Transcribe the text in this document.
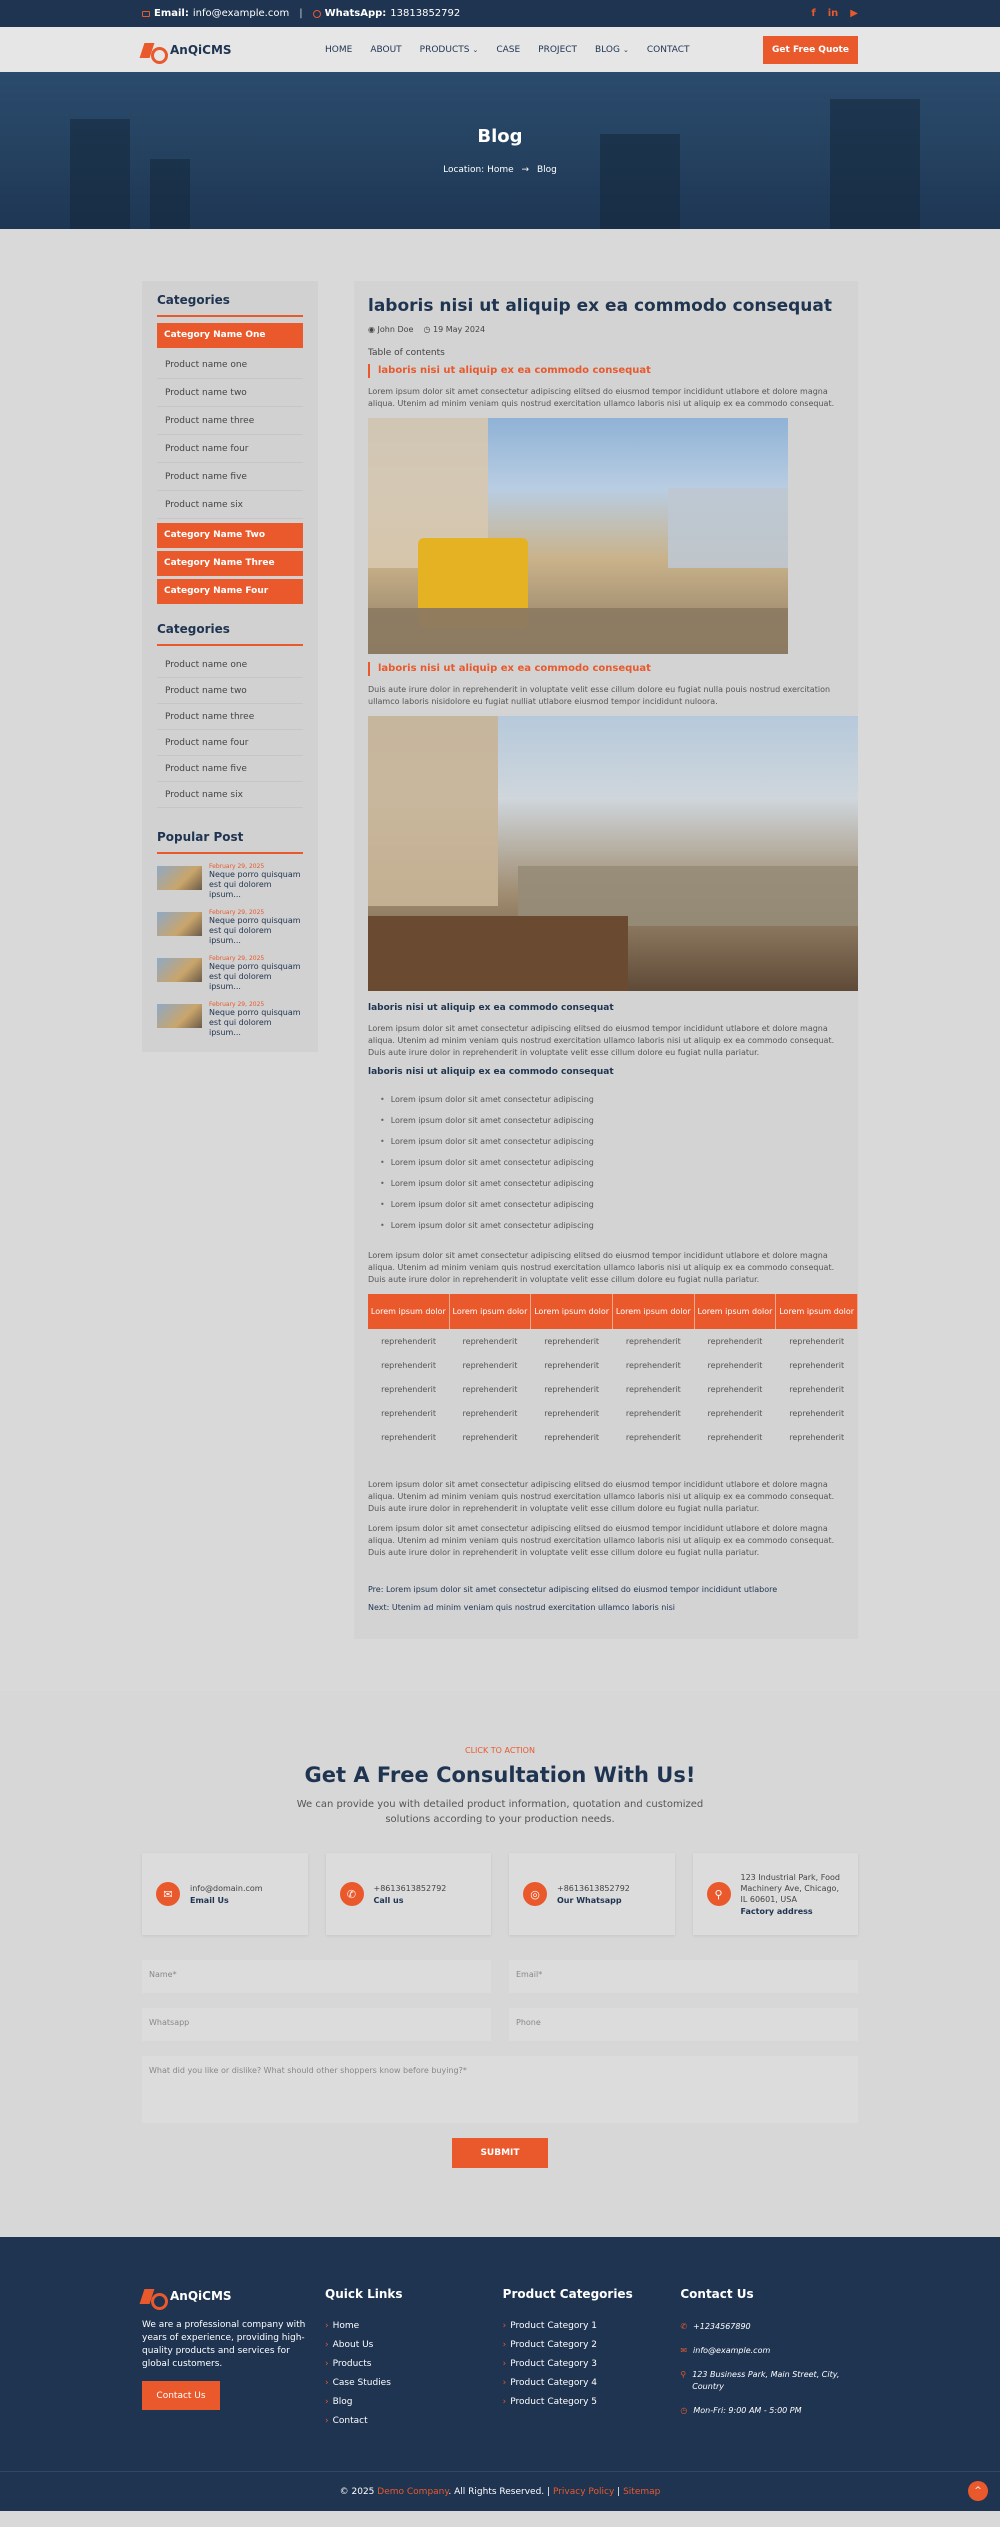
Email: info@example.com | WhatsApp: 13813852792	f in ▶
AnQiCMS	HOME ABOUT PRODUCTS ⌄ CASE PROJECT BLOG ⌄ CONTACT	Get Free Quote
Blog
Location: Home → Blog
Categories
Category Name One
Product name one
Product name two
Product name three
Product name four
Product name five
Product name six
Category Name Two
Category Name Three
Category Name Four
Categories
Product name one
Product name two
Product name three
Product name four
Product name five
Product name six
Popular Post
February 29, 2025
Neque porro quisquam est qui dolorem ipsum...
February 29, 2025
Neque porro quisquam est qui dolorem ipsum...
February 29, 2025
Neque porro quisquam est qui dolorem ipsum...
February 29, 2025
Neque porro quisquam est qui dolorem ipsum...
laboris nisi ut aliquip ex ea commodo consequat
◉ John Doe ◷ 19 May 2024
Table of contents
laboris nisi ut aliquip ex ea commodo consequat

Lorem ipsum dolor sit amet consectetur adipiscing elitsed do eiusmod tempor incididunt utlabore et dolore magna aliqua. Utenim ad minim veniam quis nostrud exercitation ullamco laboris nisi ut aliquip ex ea commodo consequat.

laboris nisi ut aliquip ex ea commodo consequat

Duis aute irure dolor in reprehenderit in voluptate velit esse cillum dolore eu fugiat nulla pouis nostrud exercitation ullamco laboris nisidolore eu fugiat nulliat utlabore eiusmod tempor incididunt nuloora.

laboris nisi ut aliquip ex ea commodo consequat

Lorem ipsum dolor sit amet consectetur adipiscing elitsed do eiusmod tempor incididunt utlabore et dolore magna aliqua. Utenim ad minim veniam quis nostrud exercitation ullamco laboris nisi ut aliquip ex ea commodo consequat. Duis aute irure dolor in reprehenderit in voluptate velit esse cillum dolore eu fugiat nulla pariatur.

laboris nisi ut aliquip ex ea commodo consequat
• Lorem ipsum dolor sit amet consectetur adipiscing
• Lorem ipsum dolor sit amet consectetur adipiscing
• Lorem ipsum dolor sit amet consectetur adipiscing
• Lorem ipsum dolor sit amet consectetur adipiscing
• Lorem ipsum dolor sit amet consectetur adipiscing
• Lorem ipsum dolor sit amet consectetur adipiscing
• Lorem ipsum dolor sit amet consectetur adipiscing

Lorem ipsum dolor sit amet consectetur adipiscing elitsed do eiusmod tempor incididunt utlabore et dolore magna aliqua. Utenim ad minim veniam quis nostrud exercitation ullamco laboris nisi ut aliquip ex ea commodo consequat. Duis aute irure dolor in reprehenderit in voluptate velit esse cillum dolore eu fugiat nulla pariatur.

Lorem ipsum dolor	Lorem ipsum dolor	Lorem ipsum dolor	Lorem ipsum dolor	Lorem ipsum dolor	Lorem ipsum dolor
reprehenderit	reprehenderit	reprehenderit	reprehenderit	reprehenderit	reprehenderit
reprehenderit	reprehenderit	reprehenderit	reprehenderit	reprehenderit	reprehenderit
reprehenderit	reprehenderit	reprehenderit	reprehenderit	reprehenderit	reprehenderit
reprehenderit	reprehenderit	reprehenderit	reprehenderit	reprehenderit	reprehenderit
reprehenderit	reprehenderit	reprehenderit	reprehenderit	reprehenderit	reprehenderit

Lorem ipsum dolor sit amet consectetur adipiscing elitsed do eiusmod tempor incididunt utlabore et dolore magna aliqua. Utenim ad minim veniam quis nostrud exercitation ullamco laboris nisi ut aliquip ex ea commodo consequat. Duis aute irure dolor in reprehenderit in voluptate velit esse cillum dolore eu fugiat nulla pariatur.

Lorem ipsum dolor sit amet consectetur adipiscing elitsed do eiusmod tempor incididunt utlabore et dolore magna aliqua. Utenim ad minim veniam quis nostrud exercitation ullamco laboris nisi ut aliquip ex ea commodo consequat. Duis aute irure dolor in reprehenderit in voluptate velit esse cillum dolore eu fugiat nulla pariatur.

Pre: Lorem ipsum dolor sit amet consectetur adipiscing elitsed do eiusmod tempor incididunt utlabore
Next: Utenim ad minim veniam quis nostrud exercitation ullamco laboris nisi
CLICK TO ACTION
Get A Free Consultation With Us!

We can provide you with detailed product information, quotation and customized solutions according to your production needs.

✉	info@domain.com
Email Us	✆	+8613613852792
Call us	◎	+8613613852792
Our Whatsapp	⚲
123 Industrial Park, Food Machinery Ave, Chicago, IL 60601, USA
Factory address
Name*	Email*
Whatsapp	Phone
What did you like or dislike? What should other shoppers know before buying?*
SUBMIT
AnQiCMS

We are a professional company with years of experience, providing high-quality products and services for global customers.

Contact Us
Quick Links
› Home
› About Us
› Products
› Case Studies
› Blog
› Contact
Product Categories
› Product Category 1
› Product Category 2
› Product Category 3
› Product Category 4
› Product Category 5
Contact Us
✆ +1234567890
✉ info@example.com
⚲ 123 Business Park, Main Street, City, Country
◷ Mon-Fri: 9:00 AM - 5:00 PM
© 2025 Demo Company. All Rights Reserved. | Privacy Policy | Sitemap	^
